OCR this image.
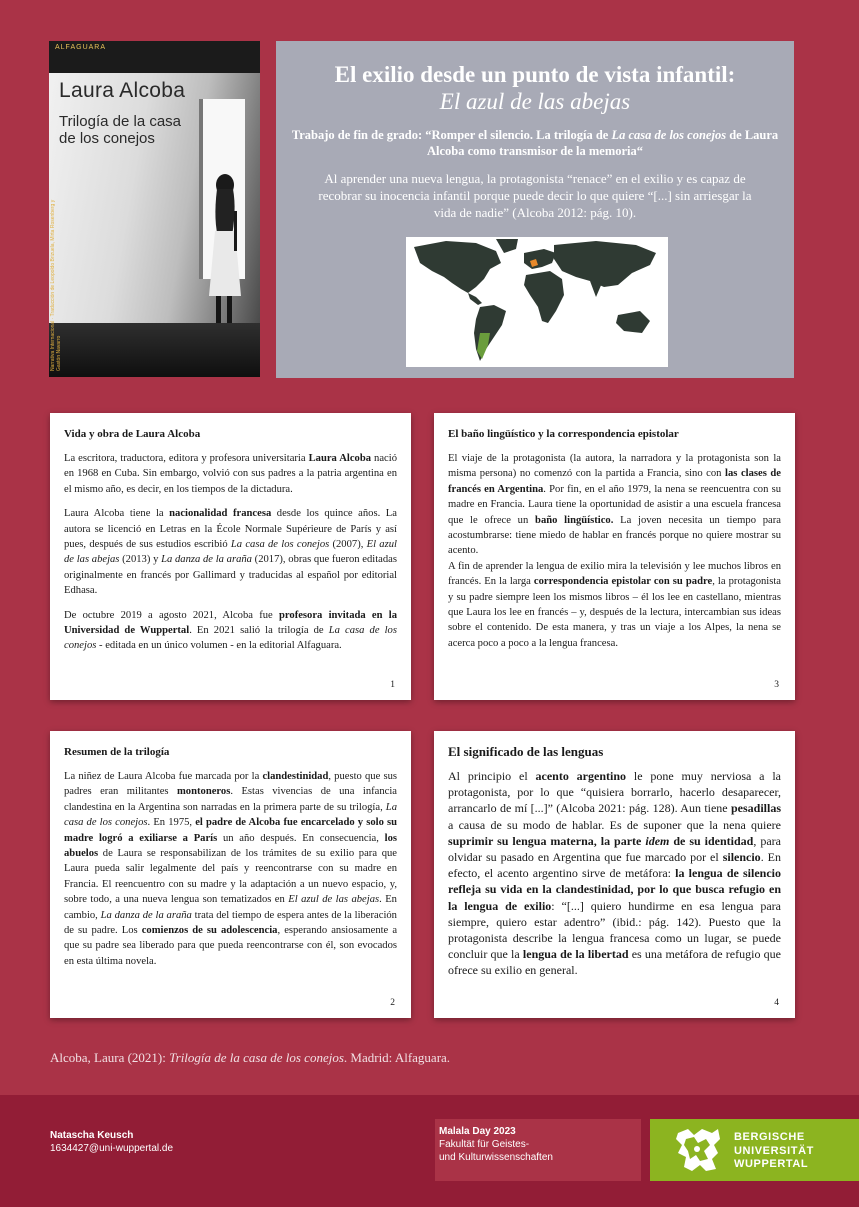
ALFAGUARA
Laura Alcoba
Trilogía de la casa de los conejos
Narrativa Internacional · Traducción de Leopoldo Brizuela, Mirta Rosenberg y Gastón Navarro
El exilio desde un punto de vista infantil:
El azul de las abejas
Trabajo de fin de grado: “Romper el silencio. La trilogía de La casa de los conejos de Laura Alcoba como transmisor de la memoria“
Al aprender una nueva lengua, la protagonista “renace” en el exilio y es capaz de recobrar su inocencia infantil porque puede decir lo que quiere “[...] sin arriesgar la vida de nadie” (Alcoba 2012: pág. 10).
Vida y obra de Laura Alcoba

La escritora, traductora, editora y profesora universitaria Laura Alcoba nació en 1968 en Cuba. Sin embargo, volvió con sus padres a la patria argentina en el mismo año, es decir, en los tiempos de la dictadura.

Laura Alcoba tiene la nacionalidad francesa desde los quince años. La autora se licenció en Letras en la École Normale Supérieure de París y así pues, después de sus estudios escribió La casa de los conejos (2007), El azul de las abejas (2013) y La danza de la araña (2017), obras que fueron editadas originalmente en francés por Gallimard y traducidas al español por editorial Edhasa.

De octubre 2019 a agosto 2021, Alcoba fue profesora invitada en la Universidad de Wuppertal. En 2021 salió la trilogía de La casa de los conejos - editada en un único volumen - en la editorial Alfaguara.

1
El baño lingüístico y la correspondencia epistolar

El viaje de la protagonista (la autora, la narradora y la protagonista son la misma persona) no comenzó con la partida a Francia, sino con las clases de francés en Argentina. Por fin, en el año 1979, la nena se reencuentra con su madre en Francia. Laura tiene la oportunidad de asistir a una escuela francesa que le ofrece un baño lingüístico. La joven necesita un tiempo para acostumbrarse: tiene miedo de hablar en francés porque no quiere mostrar su acento.

A fin de aprender la lengua de exilio mira la televisión y lee muchos libros en francés. En la larga correspondencia epistolar con su padre, la protagonista y su padre siempre leen los mismos libros – él los lee en castellano, mientras que Laura los lee en francés – y, después de la lectura, intercambian sus ideas sobre el contenido. De esta manera, y tras un viaje a los Alpes, la nena se acerca poco a poco a la lengua francesa.

3
Resumen de la trilogía

La niñez de Laura Alcoba fue marcada por la clandestinidad, puesto que sus padres eran militantes montoneros. Estas vivencias de una infancia clandestina en la Argentina son narradas en la primera parte de su trilogía, La casa de los conejos. En 1975, el padre de Alcoba fue encarcelado y solo su madre logró a exiliarse a París un año después. En consecuencia, los abuelos de Laura se responsabilizan de los trámites de su exilio para que Laura pueda salir legalmente del país y reencontrarse con su madre en Francia. El reencuentro con su madre y la adaptación a un nuevo espacio, y, sobre todo, a una nueva lengua son tematizados en El azul de las abejas. En cambio, La danza de la araña trata del tiempo de espera antes de la liberación de su padre. Los comienzos de su adolescencia, esperando ansiosamente a que su padre sea liberado para que pueda reencontrarse con él, son evocados en esta última novela.

2
El significado de las lenguas

Al principio el acento argentino le pone muy nerviosa a la protagonista, por lo que “quisiera borrarlo, hacerlo desaparecer, arrancarlo de mí [...]” (Alcoba 2021: pág. 128). Aun tiene pesadillas a causa de su modo de hablar. Es de suponer que la nena quiere suprimir su lengua materna, la parte idem de su identidad, para olvidar su pasado en Argentina que fue marcado por el silencio. En efecto, el acento argentino sirve de metáfora: la lengua de silencio refleja su vida en la clandestinidad, por lo que busca refugio en la lengua de exilio: “[...] quiero hundirme en esa lengua para siempre, quiero estar adentro” (ibid.: pág. 142). Puesto que la protagonista describe la lengua francesa como un lugar, se puede concluir que la lengua de la libertad es una metáfora de refugio que ofrece su exilio en general.

4
Alcoba, Laura (2021): Trilogía de la casa de los conejos. Madrid: Alfaguara.
Natascha Keusch
1634427@uni-wuppertal.de
Malala Day 2023
Fakultät für Geistes-
und Kulturwissenschaften
BERGISCHE
UNIVERSITÄT
WUPPERTAL
